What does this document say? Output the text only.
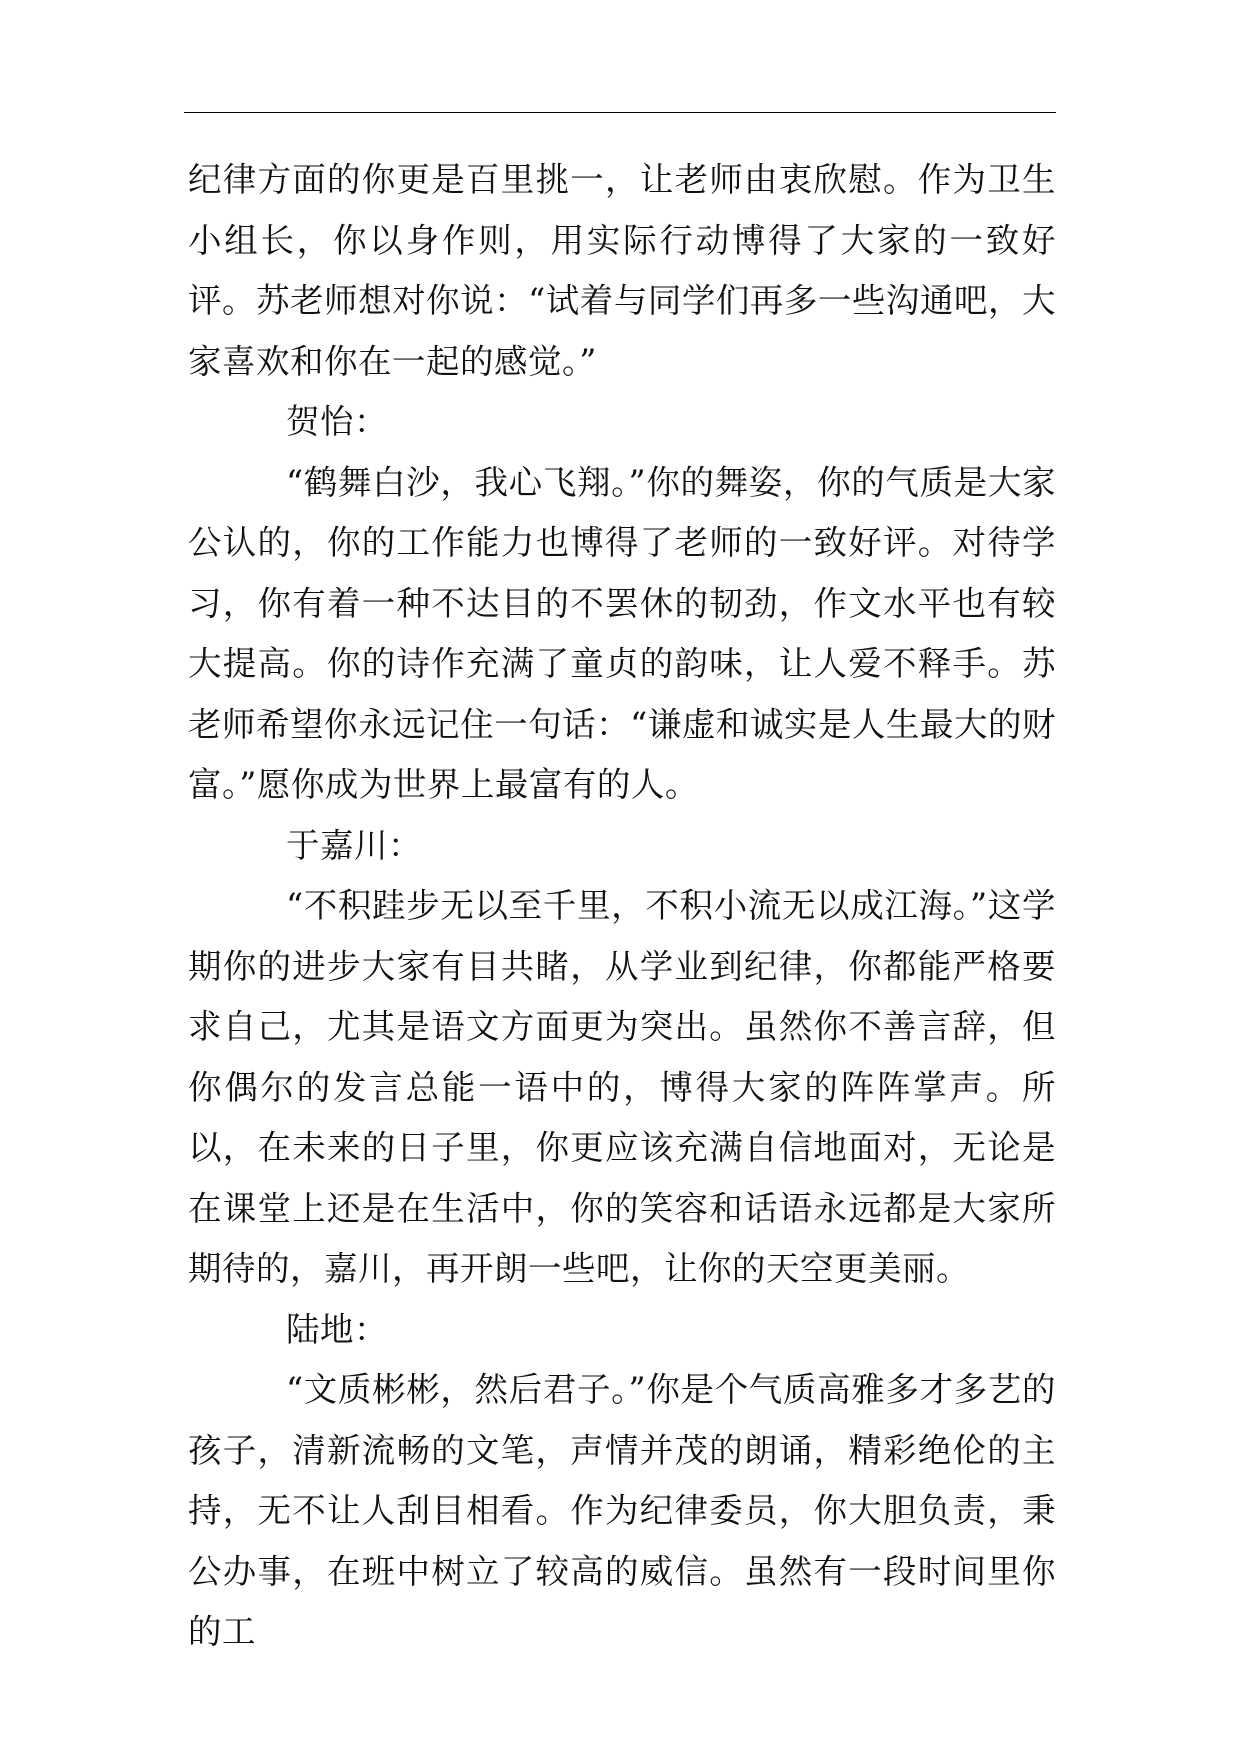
纪律方面的你更是百里挑一，让老师由衷欣慰。作为卫生小组长，你以身作则，用实际行动博得了大家的一致好评。苏老师想对你说：“试着与同学们再多一些沟通吧，大家喜欢和你在一起的感觉。”

贺怡：

“鹤舞白沙，我心飞翔。”你的舞姿，你的气质是大家公认的，你的工作能力也博得了老师的一致好评。对待学习，你有着一种不达目的不罢休的韧劲，作文水平也有较大提高。你的诗作充满了童贞的韵味，让人爱不释手。苏老师希望你永远记住一句话：“谦虚和诚实是人生最大的财富。”愿你成为世界上最富有的人。

于嘉川：

“不积跬步无以至千里，不积小流无以成江海。”这学期你的进步大家有目共睹，从学业到纪律，你都能严格要求自己，尤其是语文方面更为突出。虽然你不善言辞，但你偶尔的发言总能一语中的，博得大家的阵阵掌声。所以，在未来的日子里，你更应该充满自信地面对，无论是在课堂上还是在生活中，你的笑容和话语永远都是大家所期待的，嘉川，再开朗一些吧，让你的天空更美丽。

陆地：

“文质彬彬，然后君子。”你是个气质高雅多才多艺的孩子，清新流畅的文笔，声情并茂的朗诵，精彩绝伦的主持，无不让人刮目相看。作为纪律委员，你大胆负责，秉公办事，在班中树立了较高的威信。虽然有一段时间里你的工
